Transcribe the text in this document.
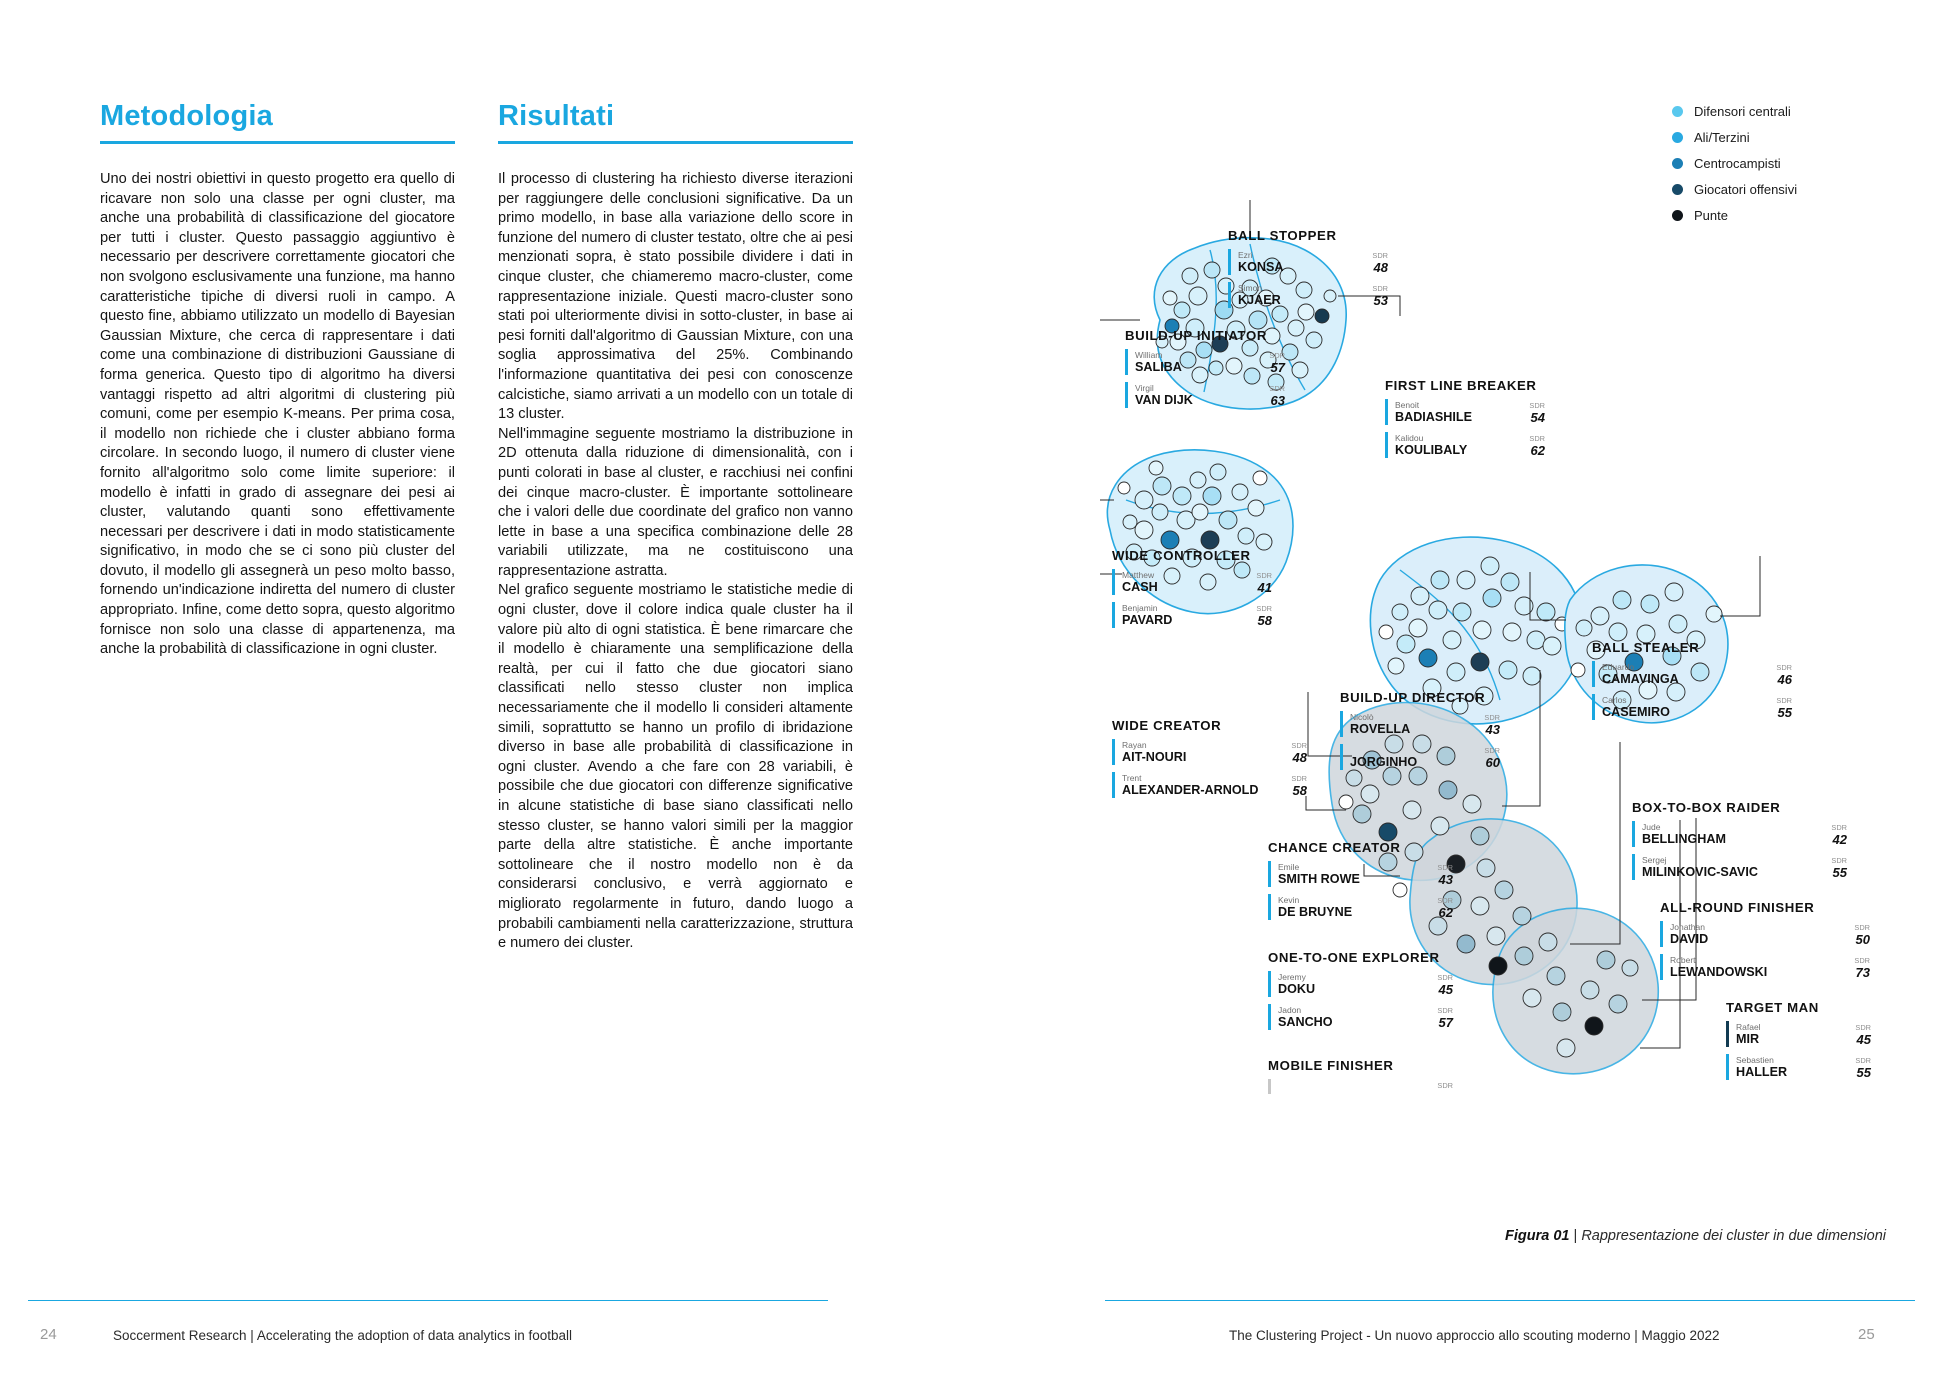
Metodologia

Uno dei nostri obiettivi in questo progetto era quello di ricavare non solo una classe per ogni cluster, ma anche una probabilità di classificazione del giocatore per tutti i cluster. Questo passaggio aggiuntivo è necessario per descrivere correttamente giocatori che non svolgono esclusivamente una funzione, ma hanno caratteristiche tipiche di diversi ruoli in campo. A questo fine, abbiamo utilizzato un modello di Bayesian Gaussian Mixture, che cerca di rappresentare i dati come una combinazione di distribuzioni Gaussiane di forma generica. Questo tipo di algoritmo ha diversi vantaggi rispetto ad altri algoritmi di clustering più comuni, come per esempio K-means. Per prima cosa, il modello non richiede che i cluster abbiano forma circolare. In secondo luogo, il numero di cluster viene fornito all'algoritmo solo come limite superiore: il modello è infatti in grado di assegnare dei pesi ai cluster, valutando quanti sono effettivamente necessari per descrivere i dati in modo statisticamente significativo, in modo che se ci sono più cluster del dovuto, il modello gli assegnerà un peso molto basso, fornendo un'indicazione indiretta del numero di cluster appropriato. Infine, come detto sopra, questo algoritmo fornisce non solo una classe di appartenenza, ma anche la probabilità di classificazione in ogni cluster.

Risultati

Il processo di clustering ha richiesto diverse iterazioni per raggiungere delle conclusioni significative. Da un primo modello, in base alla variazione dello score in funzione del numero di cluster testato, oltre che ai pesi menzionati sopra, è stato possibile dividere i dati in cinque cluster, che chiameremo macro-cluster, come rappresentazione iniziale. Questi macro-cluster sono stati poi ulteriormente divisi in sotto-cluster, in base ai pesi forniti dall'algoritmo di Gaussian Mixture, con una soglia approssimativa del 25%. Combinando l'informazione quantitativa dei pesi con conoscenze calcistiche, siamo arrivati a un modello con un totale di 13 cluster.

Nell'immagine seguente mostriamo la distribuzione in 2D ottenuta dalla riduzione di dimensionalità, con i punti colorati in base al cluster, e racchiusi nei confini dei cinque macro-cluster. È importante sottolineare che i valori delle due coordinate del grafico non vanno lette in base a una specifica combinazione delle 28 variabili utilizzate, ma ne costituiscono una rappresentazione astratta.

Nel grafico seguente mostriamo le statistiche medie di ogni cluster, dove il colore indica quale cluster ha il valore più alto di ogni statistica. È bene rimarcare che il modello è chiaramente una semplificazione della realtà, per cui il fatto che due giocatori siano classificati nello stesso cluster non implica necessariamente che il modello li consideri altamente simili, soprattutto se hanno un profilo di ibridazione diverso in base alle probabilità di classificazione in ogni cluster. Avendo a che fare con 28 variabili, è possibile che due giocatori con differenze significative in alcune statistiche di base siano classificati nello stesso cluster, se hanno valori simili per la maggior parte della altre statistiche. È anche importante sottolineare che il nostro modello non è da considerarsi conclusivo, e verrà aggiornato e migliorato regolarmente in futuro, dando luogo a probabili cambiamenti nella caratterizzazione, struttura e numero dei cluster.

Difensori centrali
Ali/Terzini
Centrocampisti
Giocatori offensivi
Punte
BALL STOPPER
Ezri
KONSA
SDR
48
Simon
KJAER
SDR
53
BUILD-UP INITIATOR
William
SALIBA
SDR
57
Virgil
VAN DIJK
SDR
63
FIRST LINE BREAKER
Benoit
BADIASHILE
SDR
54
Kalidou
KOULIBALY
SDR
62
WIDE CONTROLLER
Matthew
CASH
SDR
41
Benjamin
PAVARD
SDR
58
WIDE CREATOR
Rayan
AIT-NOURI
SDR
48
Trent
ALEXANDER-ARNOLD
SDR
58
BUILD-UP DIRECTOR
Nicolò
ROVELLA
SDR
43
JORGINHO
SDR
60
BALL STEALER
Eduardo
CAMAVINGA
SDR
46
Carlos
CASEMIRO
SDR
55
BOX-TO-BOX RAIDER
Jude
BELLINGHAM
SDR
42
Sergej
MILINKOVIC-SAVIC
SDR
55
CHANCE CREATOR
Emile
SMITH ROWE
SDR
43
Kevin
DE BRUYNE
SDR
62	ALL-ROUND FINISHER
Jonathan
DAVID
SDR
50
Robert
LEWANDOWSKI
SDR
73
ONE-TO-ONE EXPLORER
Jeremy
DOKU
SDR
45
Jadon
SANCHO
SDR
57
TARGET MAN
Rafael
MIR
SDR
45
Sebastien
HALLER
SDR
55
MOBILE FINISHER
SDR
Figura 01 | Rappresentazione dei cluster in due dimensioni
24	Soccerment Research | Accelerating the adoption of data analytics in football	The Clustering Project - Un nuovo approccio allo scouting moderno | Maggio 2022	25
